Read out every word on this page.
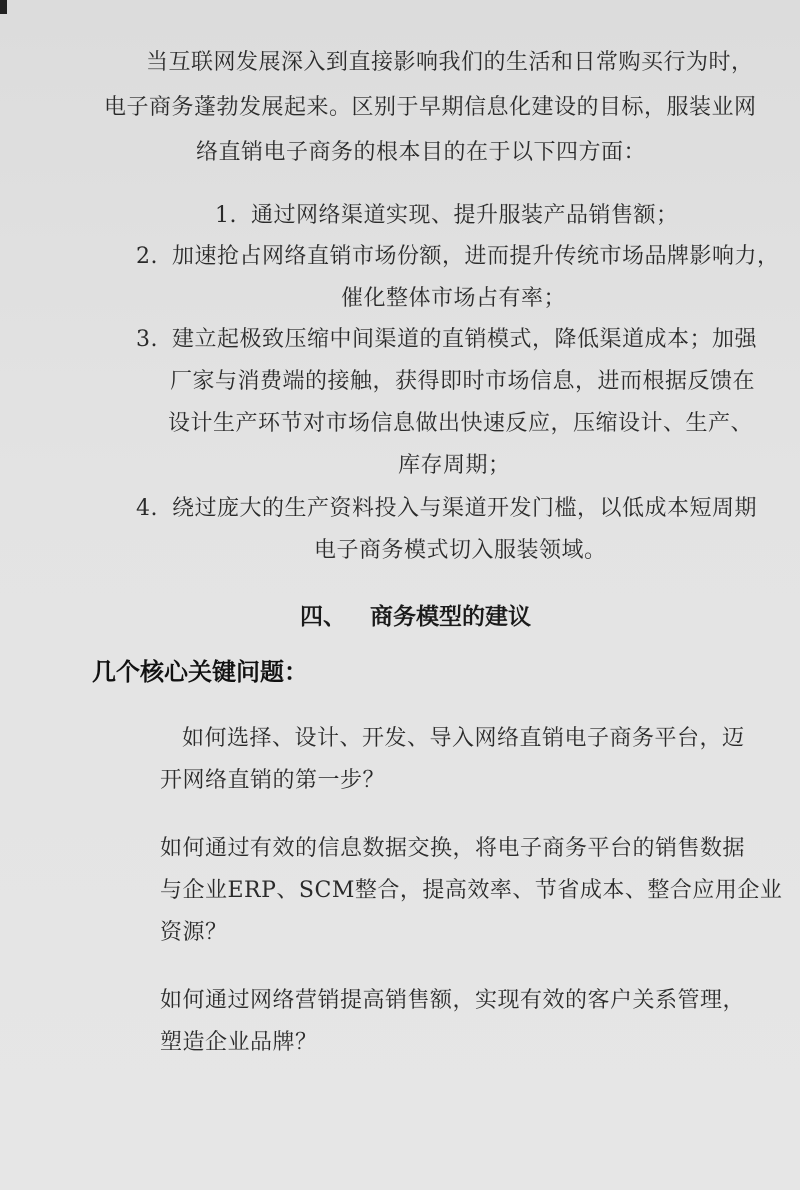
当互联网发展深入到直接影响我们的生活和日常购买行为时，
电子商务蓬勃发展起来。区别于早期信息化建设的目标，服装业网
络直销电子商务的根本目的在于以下四方面：
1. 通过网络渠道实现、提升服装产品销售额；
2. 加速抢占网络直销市场份额，进而提升传统市场品牌影响力，
催化整体市场占有率；
3. 建立起极致压缩中间渠道的直销模式，降低渠道成本；加强
厂家与消费端的接触，获得即时市场信息，进而根据反馈在
设计生产环节对市场信息做出快速反应，压缩设计、生产、
库存周期；
4. 绕过庞大的生产资料投入与渠道开发门槛，以低成本短周期
电子商务模式切入服装领域。
四、 商务模型的建议
几个核心关键问题：
如何选择、设计、开发、导入网络直销电子商务平台，迈
开网络直销的第一步？
如何通过有效的信息数据交换，将电子商务平台的销售数据
与企业ERP、SCM整合，提高效率、节省成本、整合应用企业
资源？
如何通过网络营销提高销售额，实现有效的客户关系管理，
塑造企业品牌？
